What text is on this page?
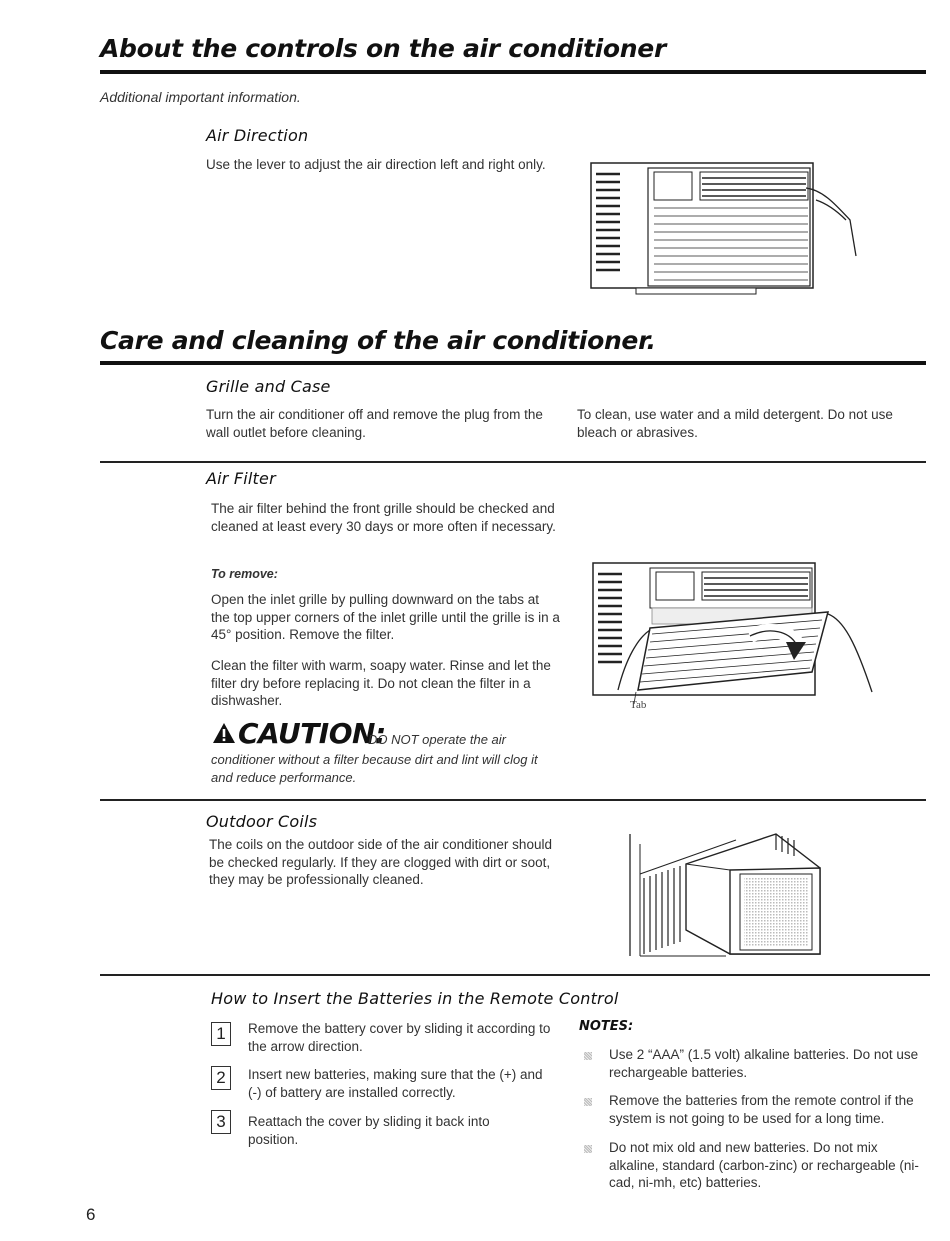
About the controls on the air conditioner
Additional important information.
Air Direction
Use the lever to adjust the air direction left and right only.
Care and cleaning of the air conditioner.
Grille and Case
Turn the air conditioner off and remove the plug from the wall outlet before cleaning.
To clean, use water and a mild detergent. Do not use bleach or abrasives.
Air Filter
The air filter behind the front grille should be checked and cleaned at least every 30 days or more often if necessary.
To remove:
Open the inlet grille by pulling downward on the tabs at the top upper corners of the inlet grille until the grille is in a 45° position. Remove the filter.
Clean the filter with warm, soapy water. Rinse and let the filter dry before replacing it. Do not clean the filter in a dishwasher.
CAUTION:
DO NOT operate the air
conditioner without a filter because dirt and lint will clog it and reduce performance.
Tab
Outdoor Coils
The coils on the outdoor side of the air conditioner should be checked regularly. If they are clogged with dirt or soot, they may be professionally cleaned.
How to Insert the Batteries in the Remote Control
1	Remove the battery cover by sliding it according to the arrow direction.
2	Insert new batteries, making sure that the (+) and (-) of battery are installed correctly.
3	Reattach the cover by sliding it back into position.
NOTES:
Use 2 “AAA” (1.5 volt) alkaline batteries. Do not use rechargeable batteries.
Remove the batteries from the remote control if the system is not going to be used for a long time.
Do not mix old and new batteries. Do not mix alkaline, standard (carbon-zinc) or rechargeable (ni-cad, ni-mh, etc) batteries.
6
